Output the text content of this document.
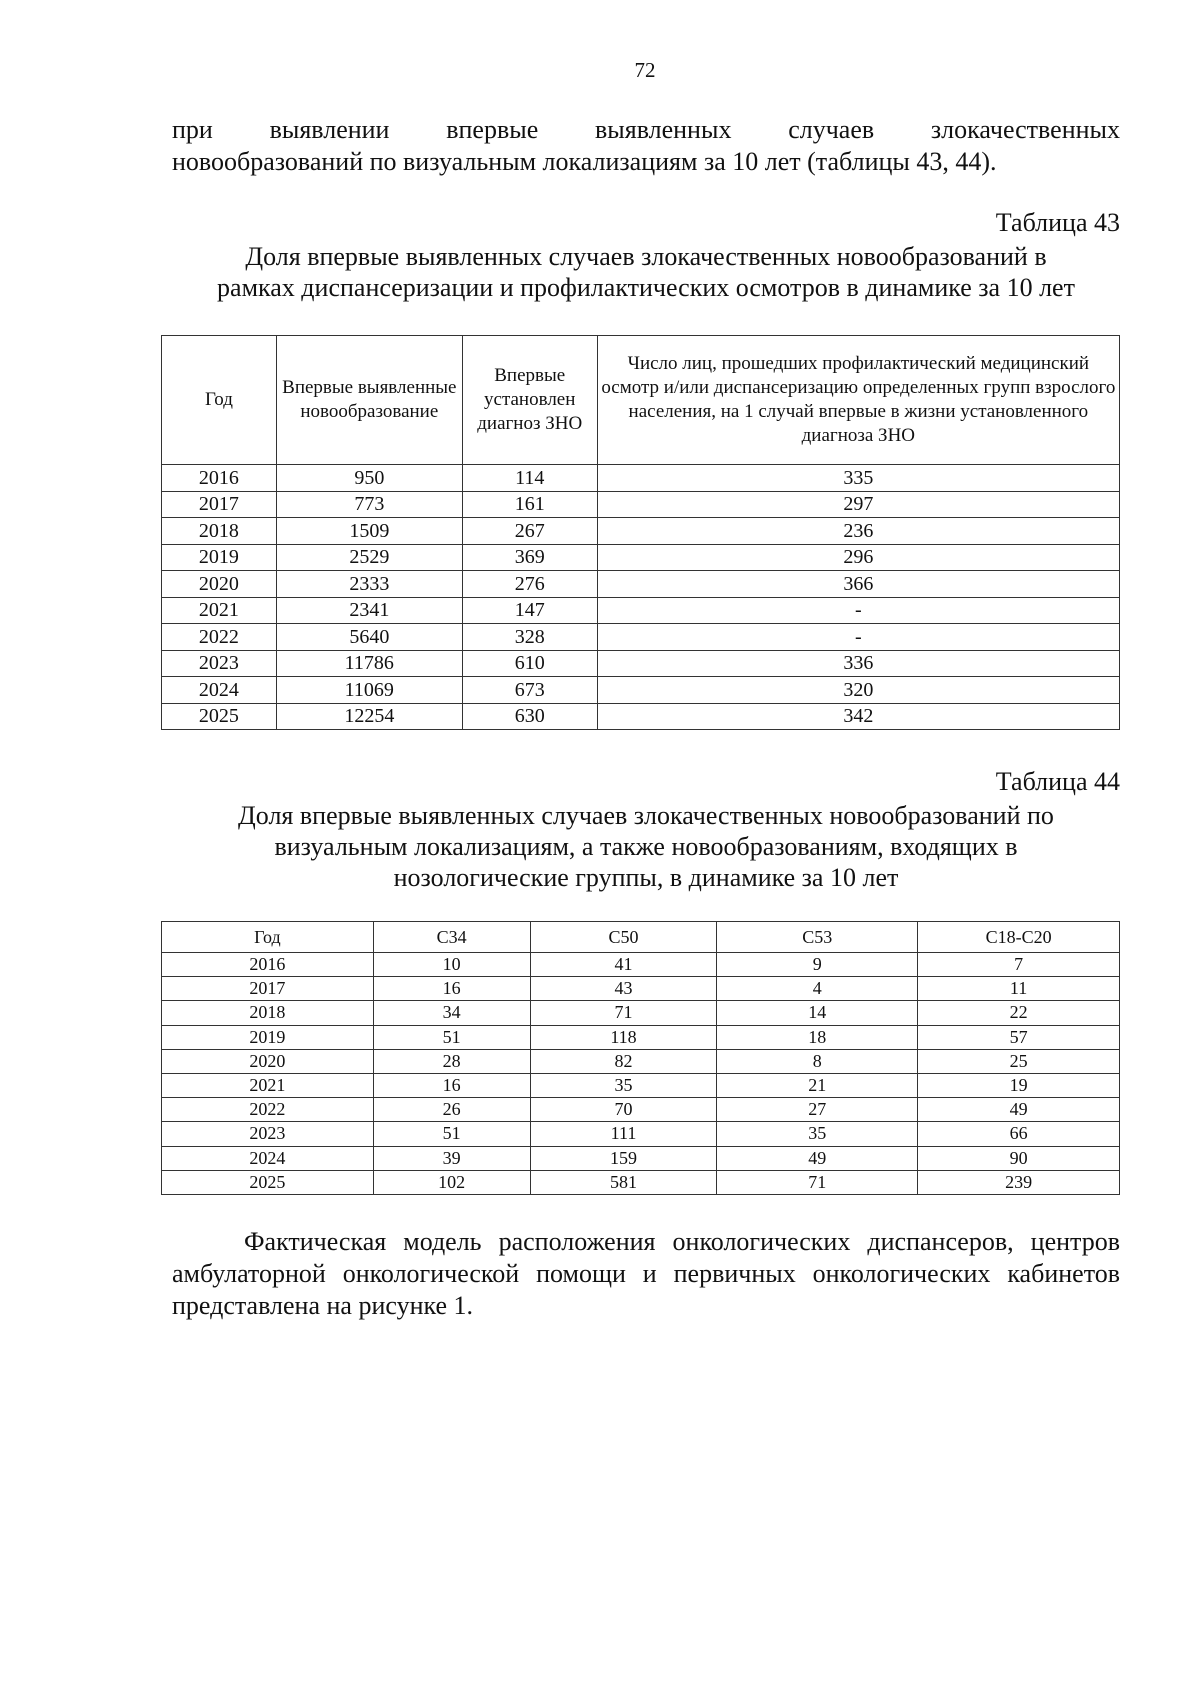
72
при выявлении впервые выявленных случаев злокачественных
новообразований по визуальным локализациям за 10 лет (таблицы 43, 44).
Таблица 43
Доля впервые выявленных случаев злокачественных новообразований в
рамках диспансеризации и профилактических осмотров в динамике за 10 лет
Год	Впервые выявленные новообразование	Впервые установлен диагноз ЗНО	Число лиц, прошедших профилактический медицинский осмотр и/или диспансеризацию определенных групп взрослого населения, на 1 случай впервые в жизни установленного диагноза ЗНО
2016	950	114	335
2017	773	161	297
2018	1509	267	236
2019	2529	369	296
2020	2333	276	366
2021	2341	147	-
2022	5640	328	-
2023	11786	610	336
2024	11069	673	320
2025	12254	630	342
Таблица 44
Доля впервые выявленных случаев злокачественных новообразований по
визуальным локализациям, а также новообразованиям, входящих в
нозологические группы, в динамике за 10 лет
Год	С34	С50	С53	С18-С20
2016	10	41	9	7
2017	16	43	4	11
2018	34	71	14	22
2019	51	118	18	57
2020	28	82	8	25
2021	16	35	21	19
2022	26	70	27	49
2023	51	111	35	66
2024	39	159	49	90
2025	102	581	71	239
Фактическая модель расположения онкологических диспансеров, центров амбулаторной онкологической помощи и первичных онкологических кабинетов представлена на рисунке 1.
